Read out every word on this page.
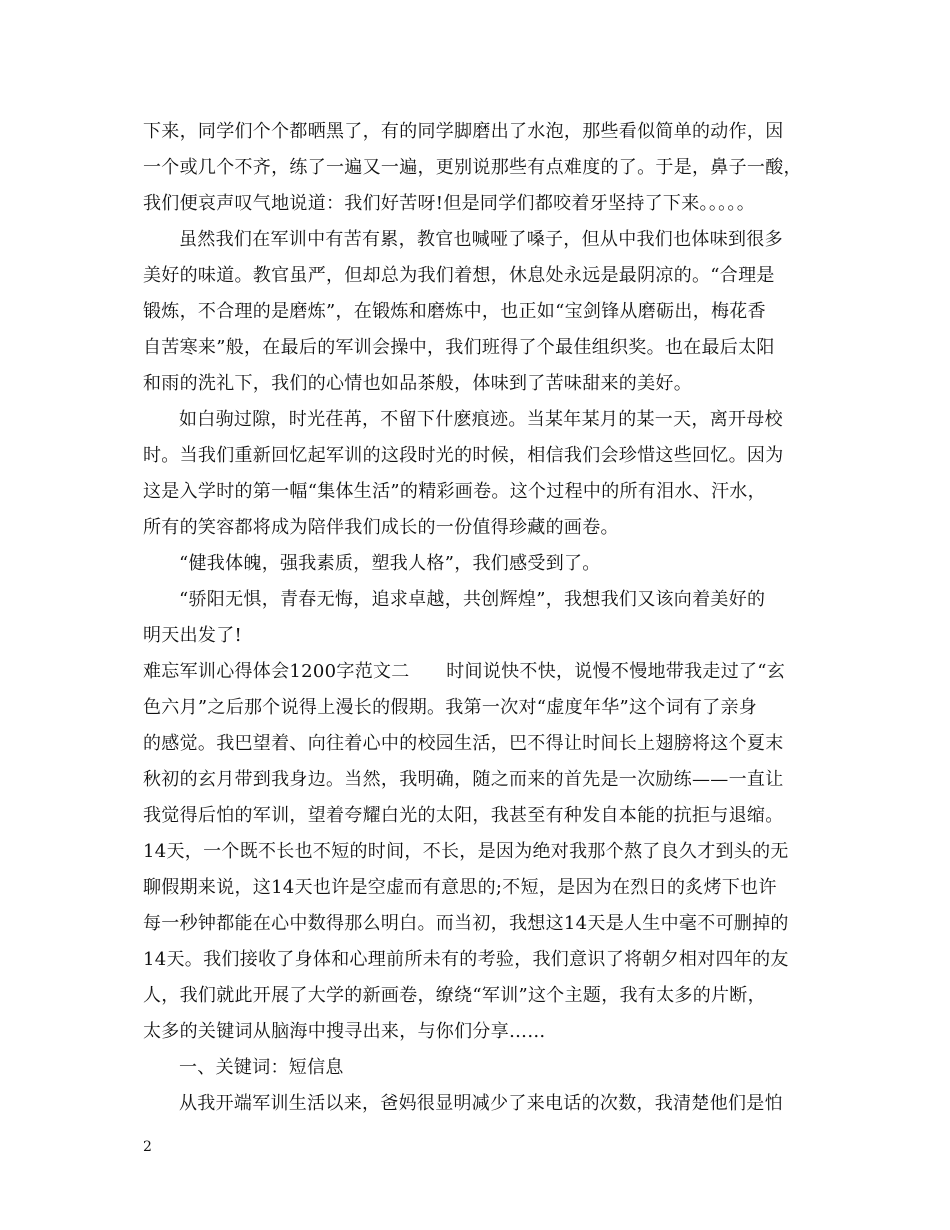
下来，同学们个个都晒黑了，有的同学脚磨出了水泡，那些看似简单的动作，因
一个或几个不齐，练了一遍又一遍，更别说那些有点难度的了。于是，鼻子一酸，
我们便哀声叹气地说道：我们好苦呀!但是同学们都咬着牙坚持了下来。。。。。
虽然我们在军训中有苦有累，教官也喊哑了嗓子，但从中我们也体味到很多
美好的味道。教官虽严，但却总为我们着想，休息处永远是最阴凉的。“合理是
锻炼，不合理的是磨炼”，在锻炼和磨炼中，也正如“宝剑锋从磨砺出，梅花香
自苦寒来”般，在最后的军训会操中，我们班得了个最佳组织奖。也在最后太阳
和雨的洗礼下，我们的心情也如品茶般，体味到了苦味甜来的美好。
如白驹过隙，时光荏苒，不留下什麽痕迹。当某年某月的某一天，离开母校
时。当我们重新回忆起军训的这段时光的时候，相信我们会珍惜这些回忆。因为
这是入学时的第一幅“集体生活”的精彩画卷。这个过程中的所有泪水、汗水，
所有的笑容都将成为陪伴我们成长的一份值得珍藏的画卷。
“健我体魄，强我素质，塑我人格”，我们感受到了。
“骄阳无惧，青春无悔，追求卓越，共创辉煌”，我想我们又该向着美好的
明天出发了!
难忘军训心得体会1200字范文二　　时间说快不快，说慢不慢地带我走过了“玄
色六月”之后那个说得上漫长的假期。我第一次对“虚度年华”这个词有了亲身
的感觉。我巴望着、向往着心中的校园生活，巴不得让时间长上翅膀将这个夏末
秋初的玄月带到我身边。当然，我明确，随之而来的首先是一次励练——一直让
我觉得后怕的军训，望着夸耀白光的太阳，我甚至有种发自本能的抗拒与退缩。
14天，一个既不长也不短的时间，不长，是因为绝对我那个熬了良久才到头的无
聊假期来说，这14天也许是空虚而有意思的;不短，是因为在烈日的炙烤下也许
每一秒钟都能在心中数得那么明白。而当初，我想这14天是人生中毫不可删掉的
14天。我们接收了身体和心理前所未有的考验，我们意识了将朝夕相对四年的友
人，我们就此开展了大学的新画卷，缭绕“军训”这个主题，我有太多的片断，
太多的关键词从脑海中搜寻出来，与你们分享……
一、关键词：短信息
从我开端军训生活以来，爸妈很显明减少了来电话的次数，我清楚他们是怕
2
